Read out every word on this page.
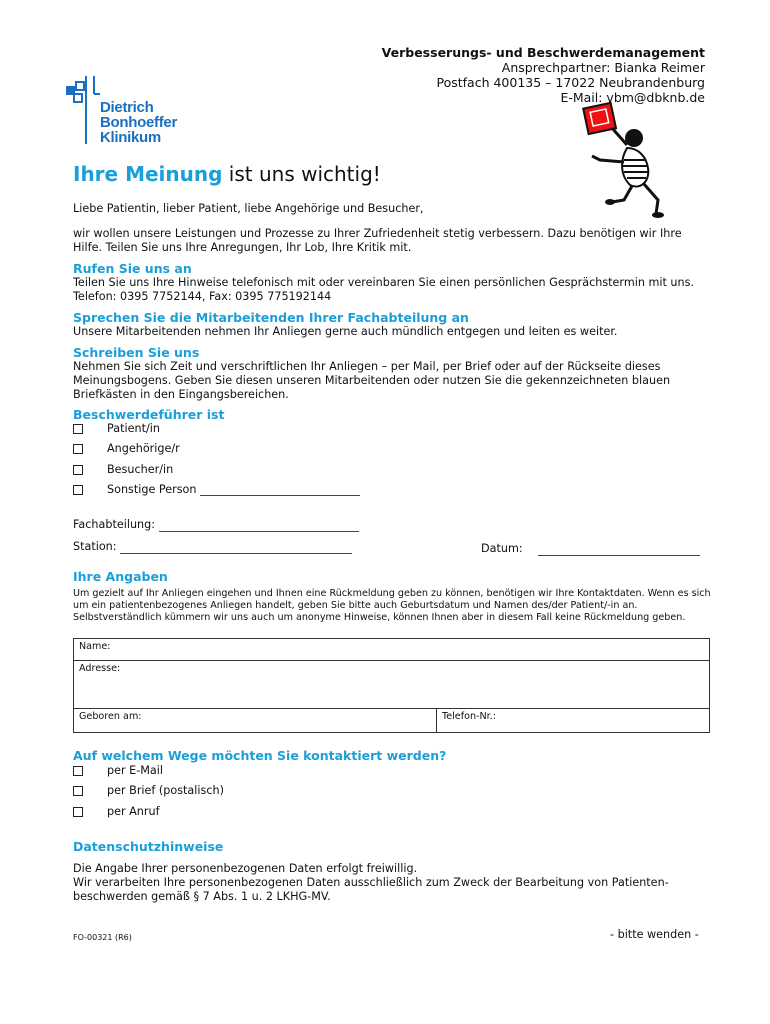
Verbesserungs- und Beschwerdemanagement
Ansprechpartner: Bianka Reimer
Postfach 400135 – 17022 Neubrandenburg
E-Mail: vbm@dbknb.de
Dietrich
Bonhoeffer
Klinikum
Ihre Meinung ist uns wichtig!

Liebe Patientin, lieber Patient, liebe Angehörige und Besucher,

wir wollen unsere Leistungen und Prozesse zu Ihrer Zufriedenheit stetig verbessern. Dazu benötigen wir Ihre Hilfe. Teilen Sie uns Ihre Anregungen, Ihr Lob, Ihre Kritik mit.

Rufen Sie uns an

Teilen Sie uns Ihre Hinweise telefonisch mit oder vereinbaren Sie einen persönlichen Gesprächstermin mit uns. Telefon: 0395 7752144, Fax: 0395 775192144

Sprechen Sie die Mitarbeitenden Ihrer Fachabteilung an

Unsere Mitarbeitenden nehmen Ihr Anliegen gerne auch mündlich entgegen und leiten es weiter.

Schreiben Sie uns

Nehmen Sie sich Zeit und verschriftlichen Ihr Anliegen – per Mail, per Brief oder auf der Rückseite dieses Meinungsbogens. Geben Sie diesen unseren Mitarbeitenden oder nutzen Sie die gekennzeichneten blauen Briefkästen in den Eingangsbereichen.

Beschwerdeführer ist
Patient/in
Angehörige/r
Besucher/in
Sonstige Person
Fachabteilung:
Station:	Datum:
Ihre Angaben

Um gezielt auf Ihr Anliegen eingehen und Ihnen eine Rückmeldung geben zu können, benötigen wir Ihre Kontaktdaten. Wenn es sich um ein patientenbezogenes Anliegen handelt, geben Sie bitte auch Geburtsdatum und Namen des/der Patient/-in an. Selbstverständlich kümmern wir uns auch um anonyme Hinweise, können Ihnen aber in diesem Fall keine Rückmeldung geben.

Name:
Adresse:
Geboren am:	Telefon-Nr.:
Auf welchem Wege möchten Sie kontaktiert werden?
per E-Mail
per Brief (postalisch)
per Anruf
Datenschutzhinweise

Die Angabe Ihrer personenbezogenen Daten erfolgt freiwillig.

Wir verarbeiten Ihre personenbezogenen Daten ausschließlich zum Zweck der Bearbeitung von Patienten-beschwerden gemäß § 7 Abs. 1 u. 2 LKHG-MV.

FO-00321 (R6)	- bitte wenden -
